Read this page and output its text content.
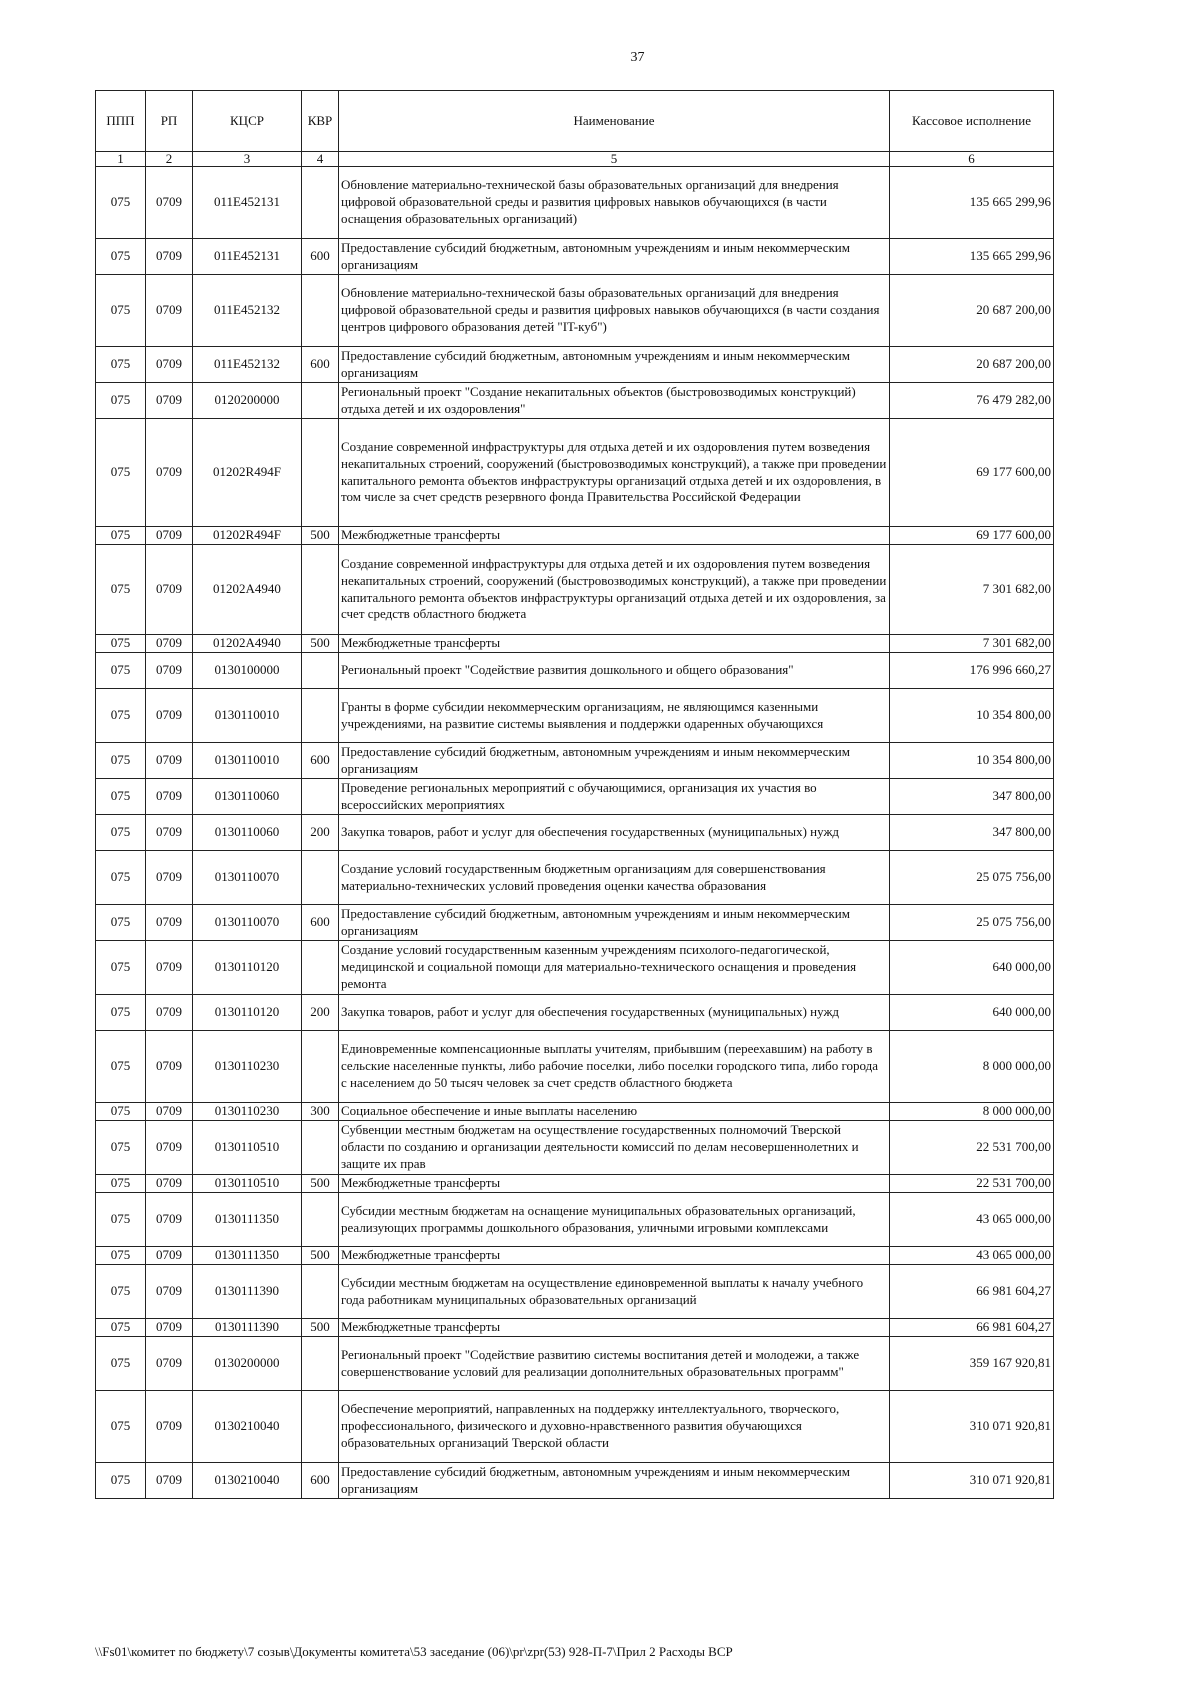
37
ППП	РП	КЦСР	КВР	Наименование	Кассовое исполнение
1	2	3	4	5	6
075	0709	011E452131		Обновление материально-технической базы образовательных организаций для внедрения цифровой образовательной среды и развития цифровых навыков обучающихся (в части оснащения образовательных организаций)	135 665 299,96
075	0709	011E452131	600	Предоставление субсидий бюджетным, автономным учреждениям и иным некоммерческим организациям	135 665 299,96
075	0709	011E452132		Обновление материально-технической базы образовательных организаций для внедрения цифровой образовательной среды и развития цифровых навыков обучающихся (в части создания центров цифрового образования детей "IT-куб")	20 687 200,00
075	0709	011E452132	600	Предоставление субсидий бюджетным, автономным учреждениям и иным некоммерческим организациям	20 687 200,00
075	0709	0120200000		Региональный проект "Создание некапитальных объектов (быстровозводимых конструкций) отдыха детей и их оздоровления"	76 479 282,00
075	0709	01202R494F		Создание современной инфраструктуры для отдыха детей и их оздоровления путем возведения некапитальных строений, сооружений (быстровозводимых конструкций), а также при проведении капитального ремонта объектов инфраструктуры организаций отдыха детей и их оздоровления, в том числе за счет средств резервного фонда Правительства Российской Федерации	69 177 600,00
075	0709	01202R494F	500	Межбюджетные трансферты	69 177 600,00
075	0709	01202A4940		Создание современной инфраструктуры для отдыха детей и их оздоровления путем возведения некапитальных строений, сооружений (быстровозводимых конструкций), а также при проведении капитального ремонта объектов инфраструктуры организаций отдыха детей и их оздоровления, за счет средств областного бюджета	7 301 682,00
075	0709	01202A4940	500	Межбюджетные трансферты	7 301 682,00
075	0709	0130100000		Региональный проект "Содействие развития дошкольного и общего образования"	176 996 660,27
075	0709	0130110010		Гранты в форме субсидии некоммерческим организациям, не являющимся казенными учреждениями, на развитие системы выявления и поддержки одаренных обучающихся	10 354 800,00
075	0709	0130110010	600	Предоставление субсидий бюджетным, автономным учреждениям и иным некоммерческим организациям	10 354 800,00
075	0709	0130110060		Проведение региональных мероприятий с обучающимися, организация их участия во всероссийских мероприятиях	347 800,00
075	0709	0130110060	200	Закупка товаров, работ и услуг для обеспечения государственных (муниципальных) нужд	347 800,00
075	0709	0130110070		Создание условий государственным бюджетным организациям для совершенствования материально-технических условий проведения оценки качества образования	25 075 756,00
075	0709	0130110070	600	Предоставление субсидий бюджетным, автономным учреждениям и иным некоммерческим организациям	25 075 756,00
075	0709	0130110120		Создание условий государственным казенным учреждениям психолого-педагогической, медицинской и социальной помощи для материально-технического оснащения и проведения ремонта	640 000,00
075	0709	0130110120	200	Закупка товаров, работ и услуг для обеспечения государственных (муниципальных) нужд	640 000,00
075	0709	0130110230		Единовременные компенсационные выплаты учителям, прибывшим (переехавшим) на работу в сельские населенные пункты, либо рабочие поселки, либо поселки городского типа, либо города с населением до 50 тысяч человек за счет средств областного бюджета	8 000 000,00
075	0709	0130110230	300	Социальное обеспечение и иные выплаты населению	8 000 000,00
075	0709	0130110510		Субвенции местным бюджетам на осуществление государственных полномочий Тверской области по созданию и организации деятельности комиссий по делам несовершеннолетних и защите их прав	22 531 700,00
075	0709	0130110510	500	Межбюджетные трансферты	22 531 700,00
075	0709	0130111350		Субсидии местным бюджетам на оснащение муниципальных образовательных организаций, реализующих программы дошкольного образования, уличными игровыми комплексами	43 065 000,00
075	0709	0130111350	500	Межбюджетные трансферты	43 065 000,00
075	0709	0130111390		Субсидии местным бюджетам на осуществление единовременной выплаты к началу учебного года работникам муниципальных образовательных организаций	66 981 604,27
075	0709	0130111390	500	Межбюджетные трансферты	66 981 604,27
075	0709	0130200000		Региональный проект "Содействие развитию системы воспитания детей и молодежи, а также совершенствование условий для реализации дополнительных образовательных программ"	359 167 920,81
075	0709	0130210040		Обеспечение мероприятий, направленных на поддержку интеллектуального, творческого, профессионального, физического и духовно-нравственного развития обучающихся образовательных организаций Тверской области	310 071 920,81
075	0709	0130210040	600	Предоставление субсидий бюджетным, автономным учреждениям и иным некоммерческим организациям	310 071 920,81
\\Fs01\комитет по бюджету\7 созыв\Документы комитета\53 заседание (06)\pr\zpr(53) 928-П-7\Прил 2 Расходы ВСР
